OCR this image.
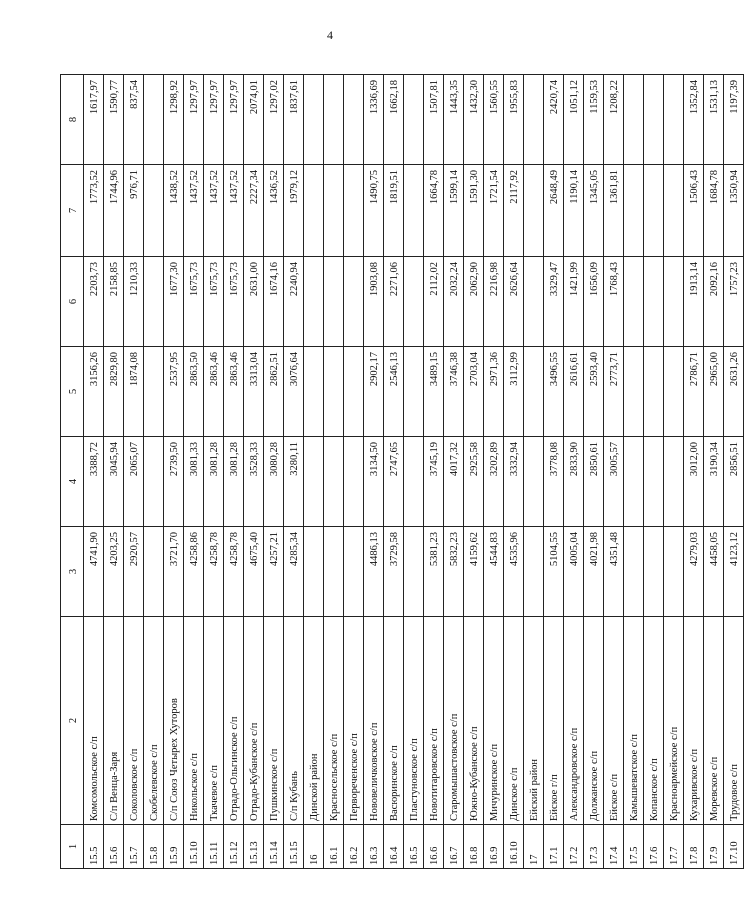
4
1	2	3	4	5	6	7	8
15.5	Комсомольское с/п	4741,90	3388,72	3156,26	2203,73	1773,52	1617,97
15.6	С/п Венца-Заря	4203,25	3045,94	2829,80	2158,85	1744,96	1590,77
15.7	Соколовское с/п	2920,57	2065,07	1874,08	1210,33	976,71	837,54
15.8	Скобелевское с/п						
15.9	С/п Союз Четырех Хуторов	3721,70	2739,50	2537,95	1677,30	1438,52	1298,92
15.10	Никольское с/п	4258,86	3081,33	2863,50	1675,73	1437,52	1297,97
15.11	Ткачевое с/п	4258,78	3081,28	2863,46	1675,73	1437,52	1297,97
15.12	Отрадо-Ольгинское с/п	4258,78	3081,28	2863,46	1675,73	1437,52	1297,97
15.13	Отрадо-Кубанское с/п	4675,40	3528,33	3313,04	2631,00	2227,34	2074,01
15.14	Пушкинское с/п	4257,21	3080,28	2862,51	1674,16	1436,52	1297,02
15.15	С/п Кубань	4285,34	3280,11	3076,64	2240,94	1979,12	1837,61
16	Динской район						
16.1	Красносельское с/п						
16.2	Первореченское с/п						
16.3	Нововеличковское с/п	4486,13	3134,50	2902,17	1903,08	1490,75	1336,69
16.4	Васюринское с/п	3729,58	2747,65	2546,13	2271,06	1819,51	1662,18
16.5	Пластуновское с/п						
16.6	Новотитаровское с/п	5381,23	3745,19	3489,15	2112,02	1664,78	1507,81
16.7	Старомышастовское с/п	5832,23	4017,32	3746,38	2032,24	1599,14	1443,35
16.8	Южно-Кубанское с/п	4159,62	2925,58	2703,04	2062,90	1591,30	1432,30
16.9	Мичуринское с/п	4544,83	3202,89	2971,36	2216,98	1721,54	1560,55
16.10	Динское с/п	4535,96	3332,94	3112,99	2626,64	2117,92	1955,83
17	Ейский район						
17.1	Ейское г/п	5104,55	3778,08	3496,55	3329,47	2648,49	2420,74
17.2	Александровское с/п	4005,04	2833,90	2616,61	1421,99	1190,14	1051,12
17.3	Должанское с/п	4021,98	2850,61	2593,40	1656,09	1345,05	1159,53
17.4	Ейское с/п	4351,48	3005,57	2773,71	1768,43	1361,81	1208,22
17.5	Камышеватское с/п						
17.6	Копанское с/п						
17.7	Красноармейское с/п						
17.8	Кухаривское с/п	4279,03	3012,00	2786,71	1913,14	1506,43	1352,84
17.9	Моревское с/п	4458,05	3190,34	2965,00	2092,16	1684,78	1531,13
17.10	Трудовое с/п	4123,12	2856,51	2631,26	1757,23	1350,94	1197,39
